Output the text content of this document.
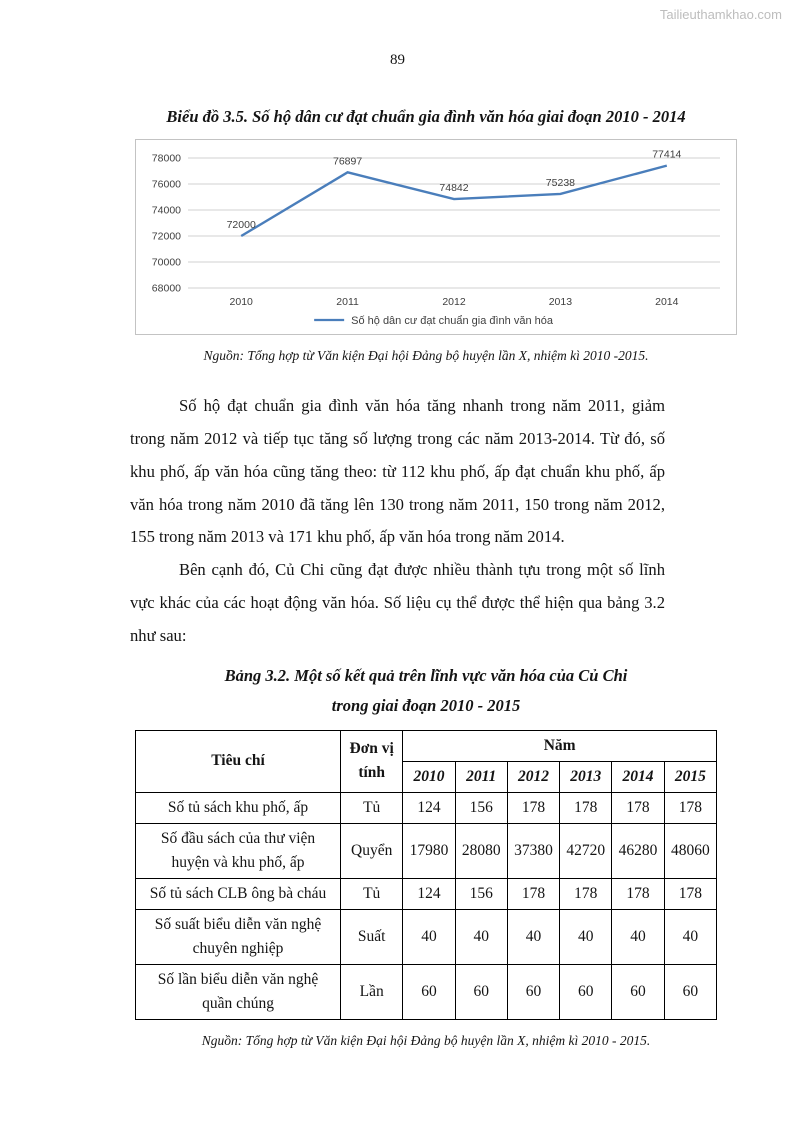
Tailieuthamkhao.com
89
Biểu đồ 3.5. Số hộ dân cư đạt chuẩn gia đình văn hóa giai đoạn 2010 - 2014
68000
70000
72000
74000
76000
78000
2010	2011	2012	2013	2014
72000
76897
74842	75238
77414
Số hộ dân cư đạt chuẩn gia đình văn hóa

Nguồn: Tổng hợp từ Văn kiện Đại hội Đảng bộ huyện lần X, nhiệm kì 2010 -2015.

Số hộ đạt chuẩn gia đình văn hóa tăng nhanh trong năm 2011, giảm trong năm 2012 và tiếp tục tăng số lượng trong các năm 2013-2014. Từ đó, số khu phố, ấp văn hóa cũng tăng theo: từ 112 khu phố, ấp đạt chuẩn khu phố, ấp văn hóa trong năm 2010 đã tăng lên 130 trong năm 2011, 150 trong năm 2012, 155 trong năm 2013 và 171 khu phố, ấp văn hóa trong năm 2014.

Bên cạnh đó, Củ Chi cũng đạt được nhiều thành tựu trong một số lĩnh vực khác của các hoạt động văn hóa. Số liệu cụ thể được thể hiện qua bảng 3.2 như sau:

Bảng 3.2. Một số kết quả trên lĩnh vực văn hóa của Củ Chi
trong giai đoạn 2010 - 2015
Tiêu chí	Đơn vị tính	Năm					
		2010	2011	2012	2013	2014	2015
Số tủ sách khu phố, ấp	Tủ	124	156	178	178	178	178
Số đầu sách của thư viện huyện và khu phố, ấp	Quyển	17980	28080	37380	42720	46280	48060
Số tủ sách CLB ông bà cháu	Tủ	124	156	178	178	178	178
Số suất biểu diễn văn nghệ chuyên nghiệp	Suất	40	40	40	40	40	40
Số lần biểu diễn văn nghệ quần chúng	Lần	60	60	60	60	60	60

Nguồn: Tổng hợp từ Văn kiện Đại hội Đảng bộ huyện lần X, nhiệm kì 2010 - 2015.
